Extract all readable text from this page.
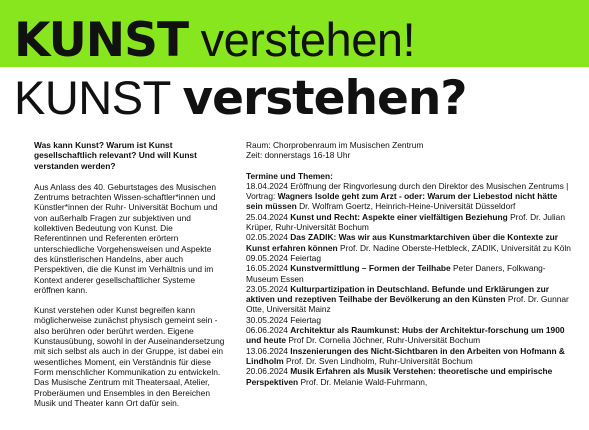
KUNST verstehen!
KUNST verstehen?

Was kann Kunst? Warum ist Kunst gesellschaftlich relevant? Und will Kunst verstanden werden?

Aus Anlass des 40. Geburtstages des Musischen Zentrums betrachten Wissen-schaftler*innen und Künstler*innen der Ruhr- Universität Bochum und von außerhalb Fragen zur subjektiven und kollektiven Bedeutung von Kunst. Die Referentinnen und Referenten erörtern unterschiedliche Vorgehensweisen und Aspekte des künstlerischen Handelns, aber auch Perspektiven, die die Kunst im Verhältnis und im Kontext anderer gesellschaftlicher Systeme eröffnen kann.

Kunst verstehen oder Kunst begreifen kann möglicherweise zunächst physisch gemeint sein - also berühren oder berührt werden. Eigene Kunstausübung, sowohl in der Auseinandersetzung mit sich selbst als auch in der Gruppe, ist dabei ein wesentliches Moment, ein Verständnis für diese Form menschlicher Kommunikation zu entwickeln. Das Musische Zentrum mit Theatersaal, Atelier, Proberäumen und Ensembles in den Bereichen Musik und Theater kann Ort dafür sein.

Raum: Chorprobenraum im Musischen Zentrum
Zeit: donnerstags 16-18 Uhr
Termine und Themen:

18.04.2024 Eröffnung der Ringvorlesung durch den Direktor des Musischen Zentrums | Vortrag: Wagners Isolde geht zum Arzt - oder: Warum der Liebestod nicht hätte sein müssen Dr. Wolfram Goertz, Heinrich-Heine-Universität Düsseldorf

25.04.2024 Kunst und Recht: Aspekte einer vielfältigen Beziehung Prof. Dr. Julian Krüper, Ruhr-Universität Bochum

02.05.2024 Das ZADIK: Was wir aus Kunstmarktarchiven über die Kontexte zur Kunst erfahren können Prof. Dr. Nadine Oberste-Hetbleck, ZADIK, Universität zu Köln

09.05.2024 Feiertag

16.05.2024 Kunstvermittlung – Formen der Teilhabe Peter Daners, Folkwang-Museum Essen

23.05.2024 Kulturpartizipation in Deutschland. Befunde und Erklärungen zur aktiven und rezeptiven Teilhabe der Bevölkerung an den Künsten Prof. Dr. Gunnar Otte, Universität Mainz

30.05.2024 Feiertag

06.06.2024 Architektur als Raumkunst: Hubs der Architektur-forschung um 1900 und heute Prof Dr. Cornelia Jöchner, Ruhr-Universität Bochum

13.06.2024 Inszenierungen des Nicht-Sichtbaren in den Arbeiten von Hofmann & Lindholm Prof. Dr. Sven Lindholm, Ruhr-Universität Bochum

20.06.2024 Musik Erfahren als Musik Verstehen: theoretische und empirische Perspektiven Prof. Dr. Melanie Wald-Fuhrmann,
